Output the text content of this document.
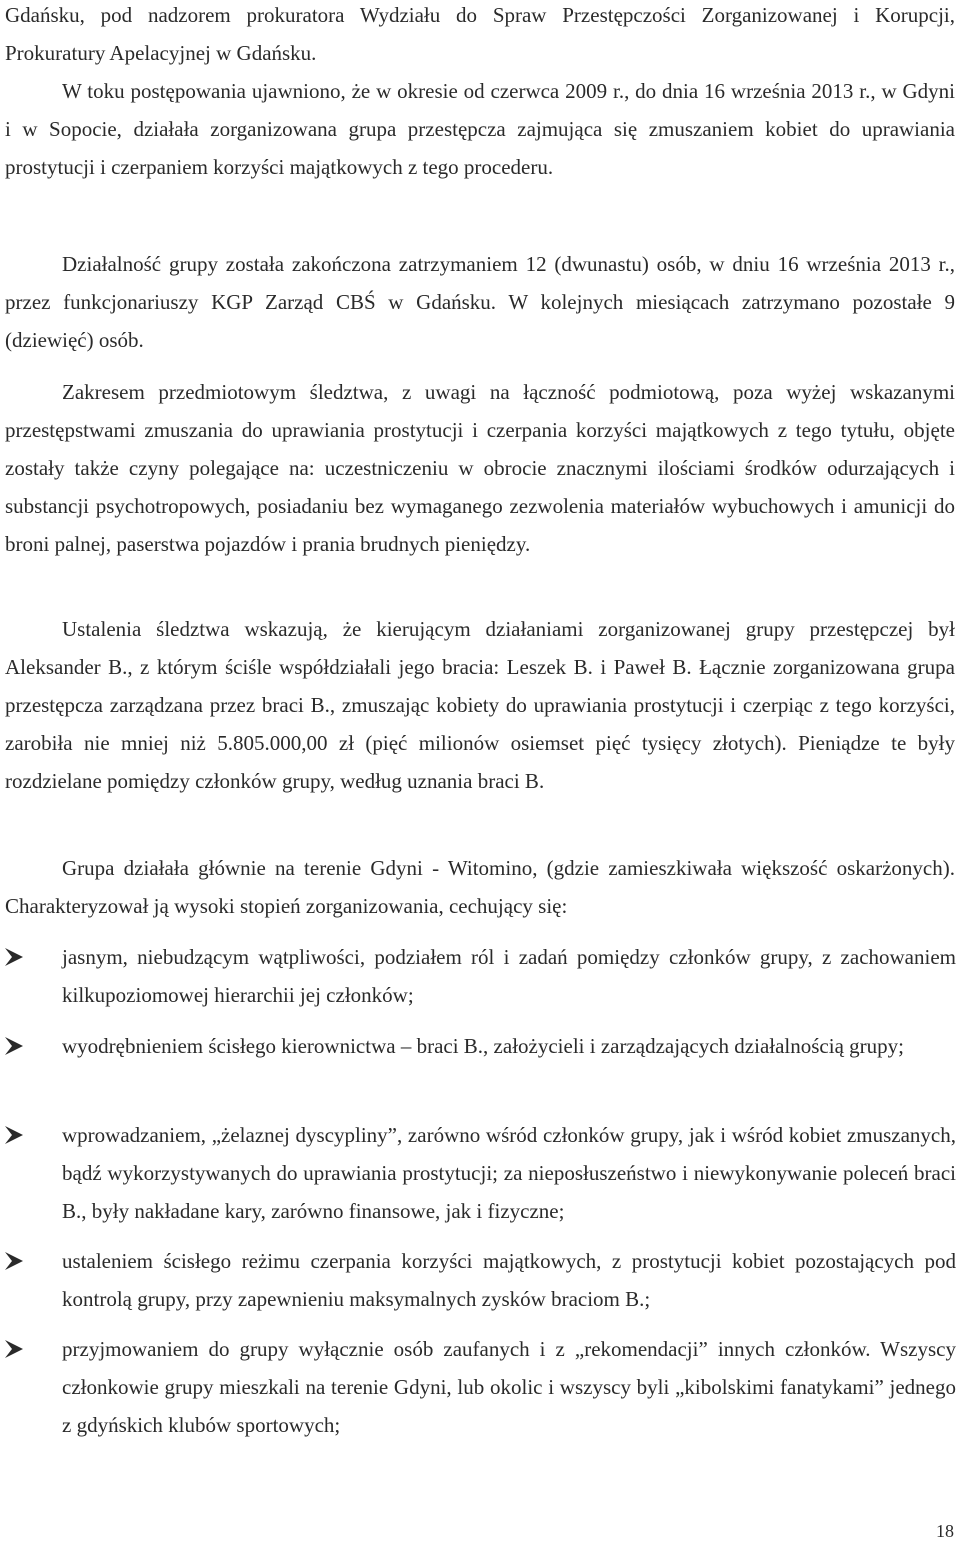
Gdańsku, pod nadzorem prokuratora Wydziału do Spraw Przestępczości Zorganizowanej i Korupcji, Prokuratury Apelacyjnej w Gdańsku.

W toku postępowania ujawniono, że w okresie od czerwca 2009 r., do dnia 16 września 2013 r., w Gdyni i w Sopocie, działała zorganizowana grupa przestępcza zajmująca się zmuszaniem kobiet do uprawiania prostytucji i czerpaniem korzyści majątkowych z tego procederu.

Działalność grupy została zakończona zatrzymaniem 12 (dwunastu) osób, w dniu 16 września 2013 r., przez funkcjonariuszy KGP Zarząd CBŚ w Gdańsku. W kolejnych miesiącach zatrzymano pozostałe 9 (dziewięć) osób.

Zakresem przedmiotowym śledztwa, z uwagi na łączność podmiotową, poza wyżej wskazanymi przestępstwami zmuszania do uprawiania prostytucji i czerpania korzyści majątkowych z tego tytułu, objęte zostały także czyny polegające na: uczestniczeniu w obrocie znacznymi ilościami środków odurzających i substancji psychotropowych, posiadaniu bez wymaganego zezwolenia materiałów wybuchowych i amunicji do broni palnej, paserstwa pojazdów i prania brudnych pieniędzy.

Ustalenia śledztwa wskazują, że kierującym działaniami zorganizowanej grupy przestępczej był Aleksander B., z którym ściśle współdziałali jego bracia: Leszek B. i Paweł B. Łącznie zorganizowana grupa przestępcza zarządzana przez braci B., zmuszając kobiety do uprawiania prostytucji i czerpiąc z tego korzyści, zarobiła nie mniej niż 5.805.000,00 zł (pięć milionów osiemset pięć tysięcy złotych). Pieniądze te były rozdzielane pomiędzy członków grupy, według uznania braci B.

Grupa działała głównie na terenie Gdyni - Witomino, (gdzie zamieszkiwała większość oskarżonych). Charakteryzował ją wysoki stopień zorganizowania, cechujący się:

jasnym, niebudzącym wątpliwości, podziałem ról i zadań pomiędzy członków grupy, z zachowaniem kilkupoziomowej hierarchii jej członków;

wyodrębnieniem ścisłego kierownictwa – braci B., założycieli i zarządzających działalnością grupy;

wprowadzaniem, „żelaznej dyscypliny”, zarówno wśród członków grupy, jak i wśród kobiet zmuszanych, bądź wykorzystywanych do uprawiania prostytucji; za nieposłuszeństwo i niewykonywanie poleceń braci B., były nakładane kary, zarówno finansowe, jak i fizyczne;

ustaleniem ścisłego reżimu czerpania korzyści majątkowych, z prostytucji kobiet pozostających pod kontrolą grupy, przy zapewnieniu maksymalnych zysków braciom B.;

przyjmowaniem do grupy wyłącznie osób zaufanych i z „rekomendacji” innych członków. Wszyscy członkowie grupy mieszkali na terenie Gdyni, lub okolic i wszyscy byli „kibolskimi fanatykami” jednego z gdyńskich klubów sportowych;

18
